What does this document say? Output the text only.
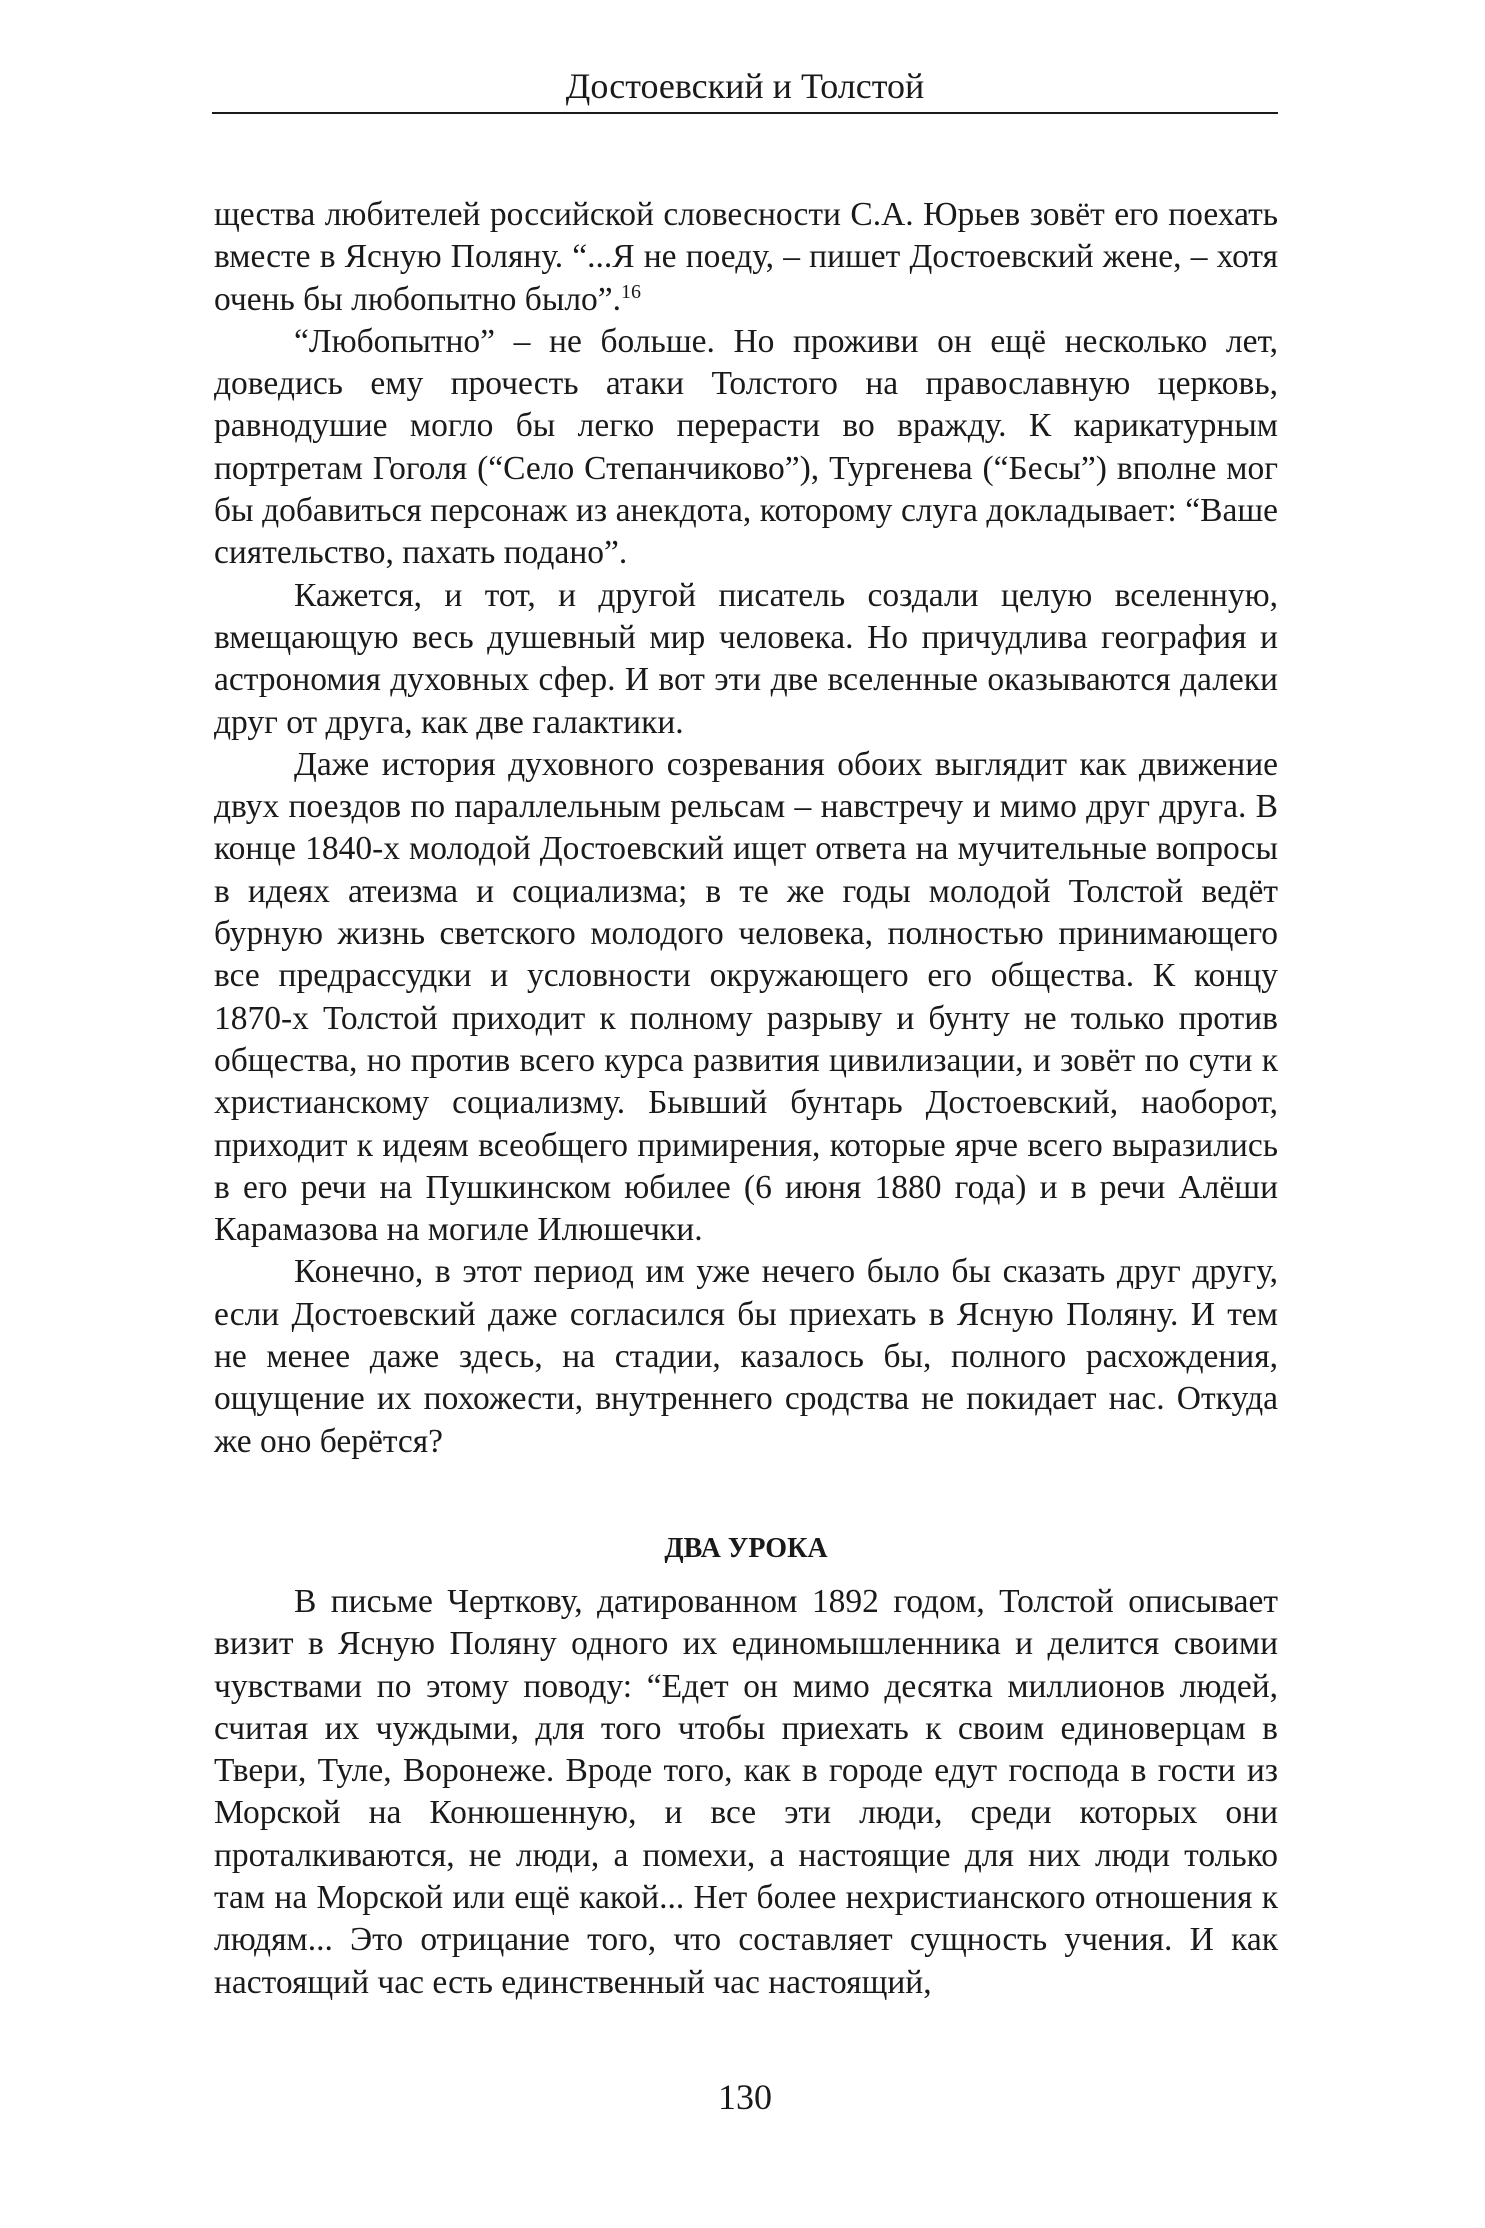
Достоевский и Толстой

щества любителей российской словесности С.А. Юрьев зовёт его поехать вместе в Ясную Поляну. “...Я не поеду, – пишет Достоевский жене, – хотя очень бы любопытно было”.$^{16}$

“Любопытно” – не больше. Но проживи он ещё несколько лет, доведись ему прочесть атаки Толстого на православную церковь, равнодушие могло бы легко перерасти во вражду. К карикатурным портретам Гоголя (“Село Степанчиково”), Тургенева (“Бесы”) вполне мог бы добавиться персонаж из анекдота, которому слуга докладывает: “Ваше сиятельство, пахать подано”.

Кажется, и тот, и другой писатель создали целую вселенную, вмещающую весь душевный мир человека. Но причудлива география и астрономия духовных сфер. И вот эти две вселенные оказываются далеки друг от друга, как две галактики.

Даже история духовного созревания обоих выглядит как движение двух поездов по параллельным рельсам – навстречу и мимо друг друга. В конце 1840-х молодой Достоевский ищет ответа на мучительные вопросы в идеях атеизма и социализма; в те же годы молодой Толстой ведёт бурную жизнь светского молодого человека, полностью принимающего все предрассудки и условности окружающего его общества. К концу 1870-х Толстой приходит к полному разрыву и бунту не только против общества, но против всего курса развития цивилизации, и зовёт по сути к христианскому социализму. Бывший бунтарь Достоевский, наоборот, приходит к идеям всеобщего примирения, которые ярче всего выразились в его речи на Пушкинском юбилее (6 июня 1880 года) и в речи Алёши Карамазова на могиле Илюшечки.

Конечно, в этот период им уже нечего было бы сказать друг другу, если Достоевский даже согласился бы приехать в Ясную Поляну. И тем не менее даже здесь, на стадии, казалось бы, полного расхождения, ощущение их похожести, внутреннего сродства не покидает нас. Откуда же оно берётся?

ДВА УРОКА

В письме Черткову, датированном 1892 годом, Толстой описывает визит в Ясную Поляну одного их единомышленника и делится своими чувствами по этому поводу: “Едет он мимо десятка миллионов людей, считая их чуждыми, для того чтобы приехать к своим единоверцам в Твери, Туле, Воронеже. Вроде того, как в городе едут господа в гости из Морской на Конюшенную, и все эти люди, среди которых они проталкиваются, не люди, а помехи, а настоящие для них люди только там на Морской или ещё какой... Нет более нехристианского отношения к людям... Это отрицание того, что составляет сущность учения. И как настоящий час есть единственный час настоящий,

130
